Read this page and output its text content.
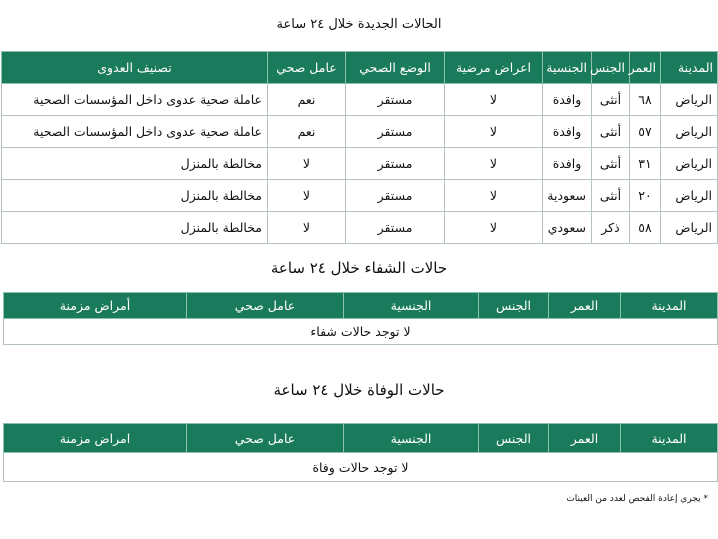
الحالات الجديدة خلال ٢٤ ساعة
المدينة	العمر	الجنس	الجنسية	اعراض مرضية	الوضع الصحي	عامل صحي	تصنيف العدوى
الرياض	٦٨	أنثى	وافدة	لا	مستقر	نعم	عاملة صحية عدوى داخل المؤسسات الصحية
الرياض	٥٧	أنثى	وافدة	لا	مستقر	نعم	عاملة صحية عدوى داخل المؤسسات الصحية
الرياض	٣١	أنثى	وافدة	لا	مستقر	لا	مخالطة بالمنزل
الرياض	٢٠	أنثى	سعودية	لا	مستقر	لا	مخالطة بالمنزل
الرياض	٥٨	ذكر	سعودي	لا	مستقر	لا	مخالطة بالمنزل
حالات الشفاء خلال ٢٤ ساعة
المدينة	العمر	الجنس	الجنسية	عامل صحي	أمراض مزمنة
لا توجد حالات شفاء
حالات الوفاة خلال ٢٤ ساعة
المدينة	العمر	الجنس	الجنسية	عامل صحي	امراض مزمنة
لا توجد حالات وفاة
* يجري إعادة الفحص لعدد من العينات
